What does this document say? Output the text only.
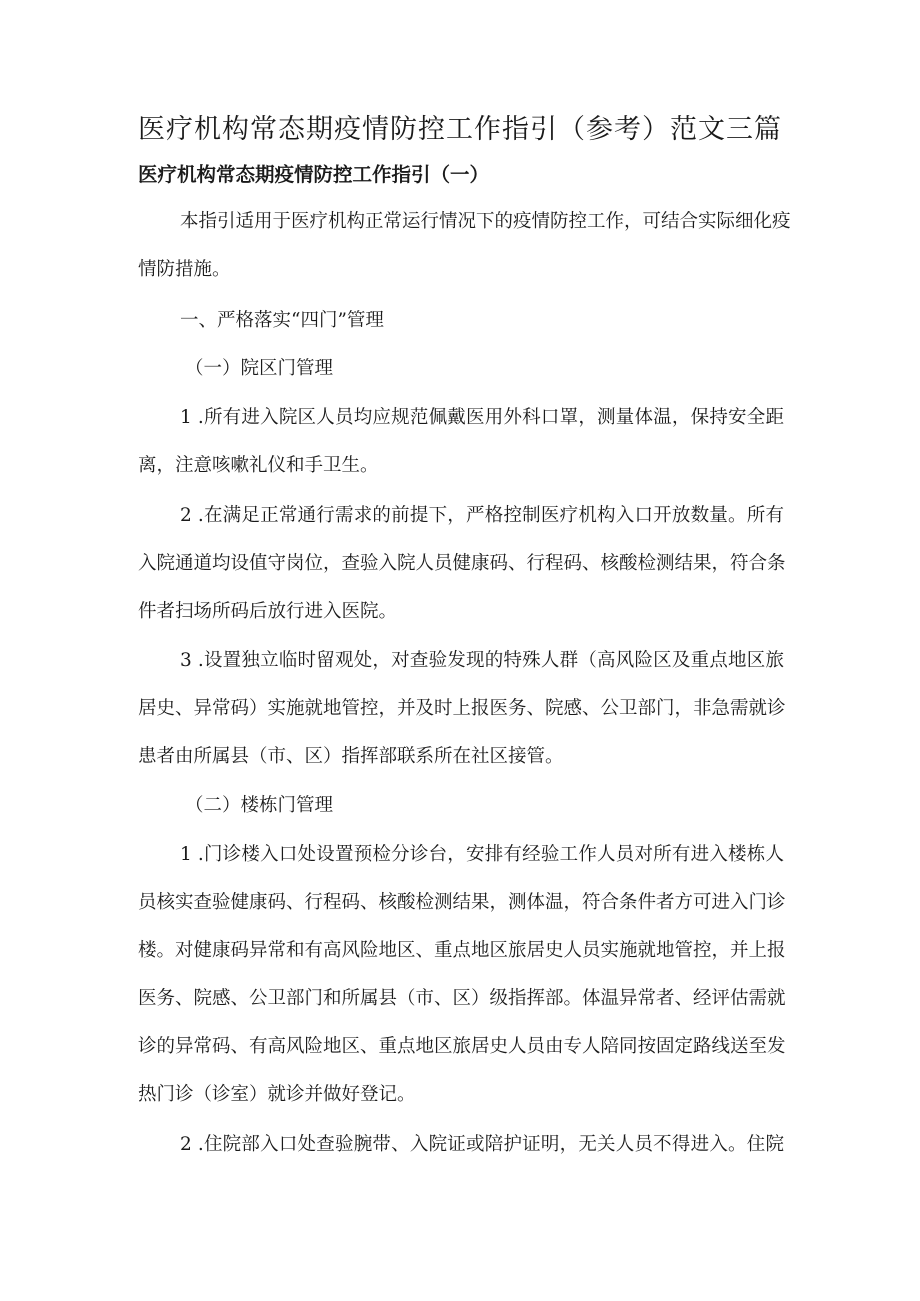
医疗机构常态期疫情防控工作指引（参考）范文三篇
医疗机构常态期疫情防控工作指引（一）

本指引适用于医疗机构正常运行情况下的疫情防控工作，可结合实际细化疫

情防措施。

一、严格落实“四门”管理

（一）院区门管理

1 .所有进入院区人员均应规范佩戴医用外科口罩，测量体温，保持安全距

离，注意咳嗽礼仪和手卫生。

2 .在满足正常通行需求的前提下，严格控制医疗机构入口开放数量。所有

入院通道均设值守岗位，查验入院人员健康码、行程码、核酸检测结果，符合条

件者扫场所码后放行进入医院。

3 .设置独立临时留观处，对查验发现的特殊人群（高风险区及重点地区旅

居史、异常码）实施就地管控，并及时上报医务、院感、公卫部门，非急需就诊

患者由所属县（市、区）指挥部联系所在社区接管。

（二）楼栋门管理

1 .门诊楼入口处设置预检分诊台，安排有经验工作人员对所有进入楼栋人

员核实查验健康码、行程码、核酸检测结果，测体温，符合条件者方可进入门诊

楼。对健康码异常和有高风险地区、重点地区旅居史人员实施就地管控，并上报

医务、院感、公卫部门和所属县（市、区）级指挥部。体温异常者、经评估需就

诊的异常码、有高风险地区、重点地区旅居史人员由专人陪同按固定路线送至发

热门诊（诊室）就诊并做好登记。

2 .住院部入口处查验腕带、入院证或陪护证明，无关人员不得进入。住院
